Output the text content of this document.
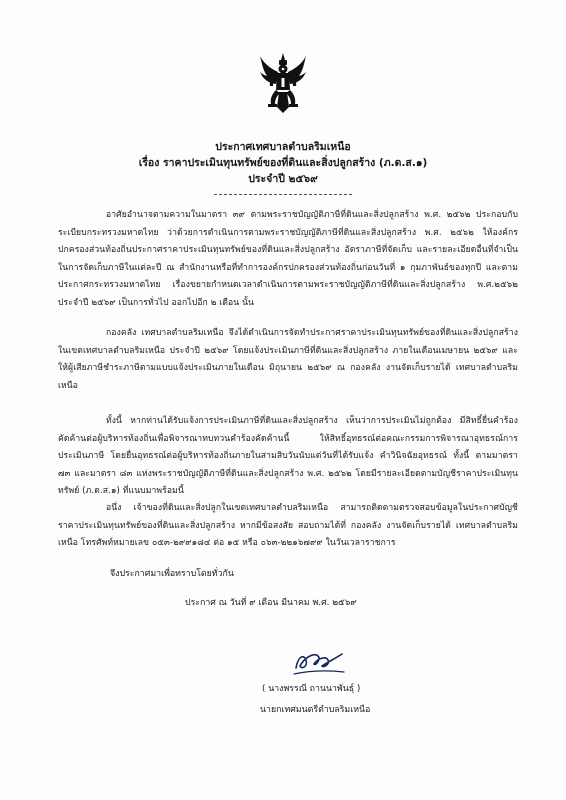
ประกาศเทศบาลตำบลริมเหนือ
เรื่อง ราคาประเมินทุนทรัพย์ของที่ดินและสิ่งปลูกสร้าง (ภ.ด.ส.๑)
ประจำปี ๒๕๖๙

อาศัยอำนาจตามความในมาตรา ๓๙ ตามพระราชบัญญัติภาษีที่ดินและสิ่งปลูกสร้าง พ.ศ. ๒๕๖๒ ประกอบกับระเบียบกระทรวงมหาดไทย ว่าด้วยการดำเนินการตามพระราชบัญญัติภาษีที่ดินและสิ่งปลูกสร้าง พ.ศ. ๒๕๖๒ ให้องค์กรปกครองส่วนท้องถิ่นประกาศราคาประเมินทุนทรัพย์ของที่ดินและสิ่งปลูกสร้าง อัตราภาษีที่จัดเก็บ และรายละเอียดอื่นที่จำเป็นในการจัดเก็บภาษีในแต่ละปี ณ สำนักงานหรือที่ทำการองค์กรปกครองส่วนท้องถิ่นก่อนวันที่ ๑ กุมภาพันธ์ของทุกปี และตามประกาศกระทรวงมหาดไทย เรื่องขยายกำหนดเวลาดำเนินการตามพระราชบัญญัติภาษีที่ดินและสิ่งปลูกสร้าง พ.ศ.๒๕๖๒ ประจำปี ๒๕๖๙ เป็นการทั่วไป ออกไปอีก ๒ เดือน นั้น

กองคลัง เทศบาลตำบลริมเหนือ จึงได้ดำเนินการจัดทำประกาศราคาประเมินทุนทรัพย์ของที่ดินและสิ่งปลูกสร้าง ในเขตเทศบาลตำบลริมเหนือ ประจำปี ๒๕๖๙ โดยแจ้งประเมินภาษีที่ดินและสิ่งปลูกสร้าง ภายในเดือนเมษายน ๒๕๖๙ และให้ผู้เสียภาษีชำระภาษีตามแบบแจ้งประเมินภายในเดือน มิถุนายน ๒๕๖๙ ณ กองคลัง งานจัดเก็บรายได้ เทศบาลตำบลริมเหนือ

ทั้งนี้ หากท่านได้รับแจ้งการประเมินภาษีที่ดินและสิ่งปลูกสร้าง เห็นว่าการประเมินไม่ถูกต้อง มีสิทธิ์ยื่นคำร้องคัดค้านต่อผู้บริหารท้องถิ่นเพื่อพิจารณาทบทวนคำร้องคัดค้านนี้ ให้สิทธิ์อุทธรณ์ต่อคณะกรรมการพิจารณาอุทธรณ์การประเมินภาษี โดยยื่นอุทธรณ์ต่อผู้บริหารท้องถิ่นภายในสามสิบวันนับแต่วันที่ได้รับแจ้ง คำวินิจฉัยอุทธรณ์ ทั้งนี้ ตามมาตรา ๗๓ และมาตรา ๘๓ แห่งพระราชบัญญัติภาษีที่ดินและสิ่งปลูกสร้าง พ.ศ. ๒๕๖๒ โดยมีรายละเอียดตามบัญชีราคาประเมินทุนทรัพย์ (ภ.ด.ส.๑) ที่แนบมาพร้อมนี้

อนึ่ง เจ้าของที่ดินและสิ่งปลูกในเขตเทศบาลตำบลริมเหนือ สามารถติดตามตรวจสอบข้อมูลในประกาศบัญชีราคาประเมินทุนทรัพย์ของที่ดินและสิ่งปลูกสร้าง หากมีข้อสงสัย สอบถามได้ที่ กองคลัง งานจัดเก็บรายได้ เทศบาลตำบลริมเหนือ โทรศัพท์หมายเลข ๐๕๓-๒๙๙๑๘๔ ต่อ ๑๕ หรือ ๐๖๓-๒๒๑๖๗๙๙ ในวันเวลาราชการ

จึงประกาศมาเพื่อทราบโดยทั่วกัน
ประกาศ ณ วันที่ ๙ เดือน มีนาคม พ.ศ. ๒๕๖๙
( นางพรรณี ถานนาพันธุ์ )
นายกเทศมนตรีตำบลริมเหนือ
